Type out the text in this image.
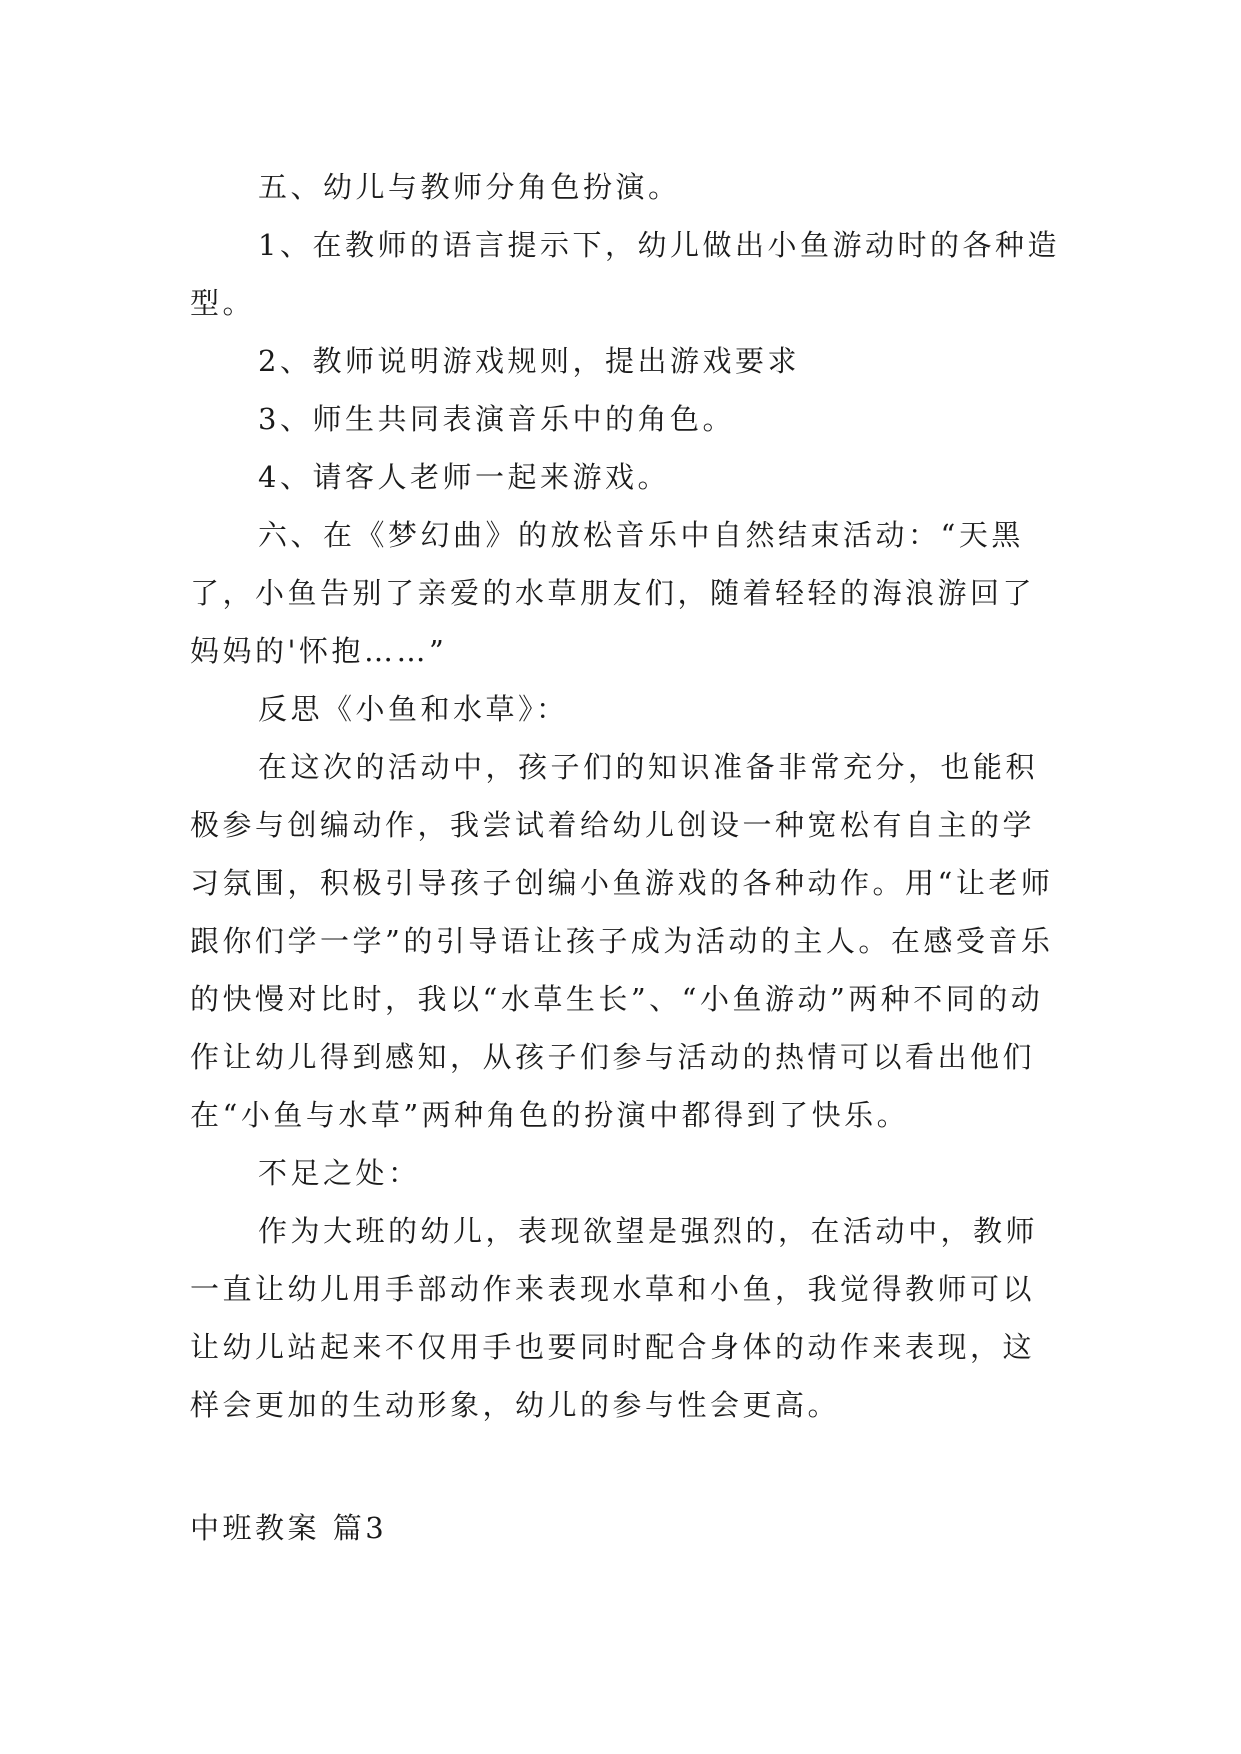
五、幼儿与教师分角色扮演。

1、在教师的语言提示下，幼儿做出小鱼游动时的各种造型。

2、教师说明游戏规则，提出游戏要求

3、师生共同表演音乐中的角色。

4、请客人老师一起来游戏。

六、在《梦幻曲》的放松音乐中自然结束活动：“天黑了，小鱼告别了亲爱的水草朋友们，随着轻轻的海浪游回了妈妈的'怀抱……”

反思《小鱼和水草》：

在这次的活动中，孩子们的知识准备非常充分，也能积极参与创编动作，我尝试着给幼儿创设一种宽松有自主的学习氛围，积极引导孩子创编小鱼游戏的各种动作。用“让老师跟你们学一学”的引导语让孩子成为活动的主人。在感受音乐的快慢对比时，我以“水草生长”、“小鱼游动”两种不同的动作让幼儿得到感知，从孩子们参与活动的热情可以看出他们在“小鱼与水草”两种角色的扮演中都得到了快乐。

不足之处：

作为大班的幼儿，表现欲望是强烈的，在活动中，教师一直让幼儿用手部动作来表现水草和小鱼，我觉得教师可以让幼儿站起来不仅用手也要同时配合身体的动作来表现，这样会更加的生动形象，幼儿的参与性会更高。

中班教案 篇3
